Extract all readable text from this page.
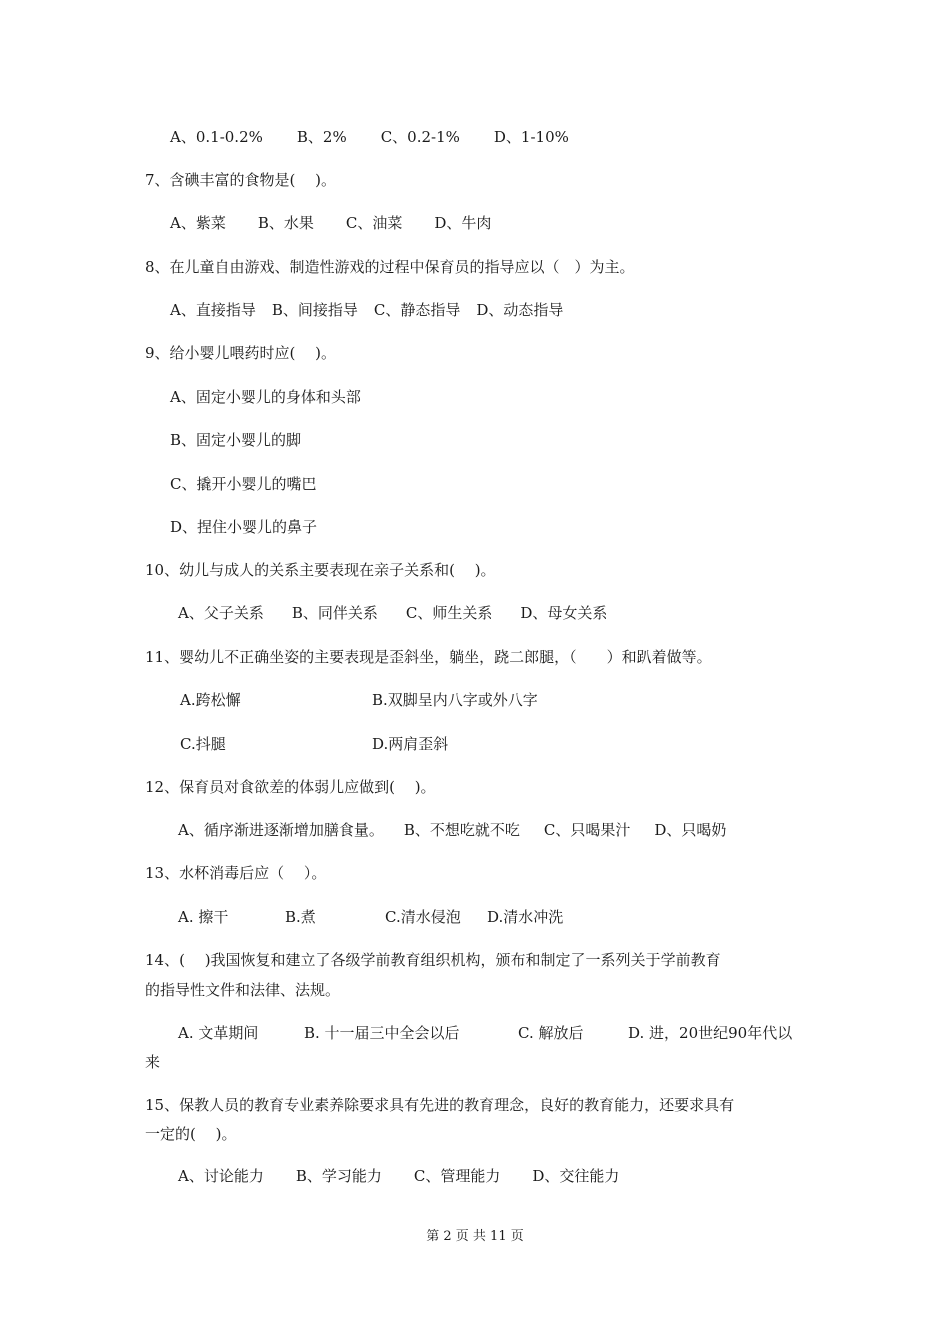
A、0.1-0.2% B、2% C、0.2-1% D、1-10%
7、含碘丰富的食物是(　 )。
A、紫菜 B、水果 C、油菜 D、牛肉
8、在儿童自由游戏、制造性游戏的过程中保育员的指导应以（　）为主。
A、直接指导 B、间接指导 C、静态指导 D、动态指导
9、给小婴儿喂药时应(　 )。
A、固定小婴儿的身体和头部
B、固定小婴儿的脚
C、撬开小婴儿的嘴巴
D、捏住小婴儿的鼻子
10、幼儿与成人的关系主要表现在亲子关系和(　 )。
A、父子关系 B、同伴关系 C、师生关系 D、母女关系
11、婴幼儿不正确坐姿的主要表现是歪斜坐，躺坐，跷二郎腿，（　　）和趴着做等。
A.跨松懈	B.双脚呈内八字或外八字
C.抖腿	D.两肩歪斜
12、保育员对食欲差的体弱儿应做到(　 )。
A、循序渐进逐渐增加膳食量。 B、不想吃就不吃 C、只喝果汁 D、只喝奶
13、水杯消毒后应（　 ）。
A. 擦干	B.煮	C.清水侵泡 D.清水冲洗
14、(　 )我国恢复和建立了各级学前教育组织机构，颁布和制定了一系列关于学前教育
的指导性文件和法律、法规。
A. 文革期间	B. 十一届三中全会以后	C. 解放后	D. 进，20世纪90年代以
来
15、保教人员的教育专业素养除要求具有先进的教育理念，良好的教育能力，还要求具有
一定的(　 )。
A、讨论能力 B、学习能力 C、管理能力 D、交往能力
第 2 页 共 11 页
